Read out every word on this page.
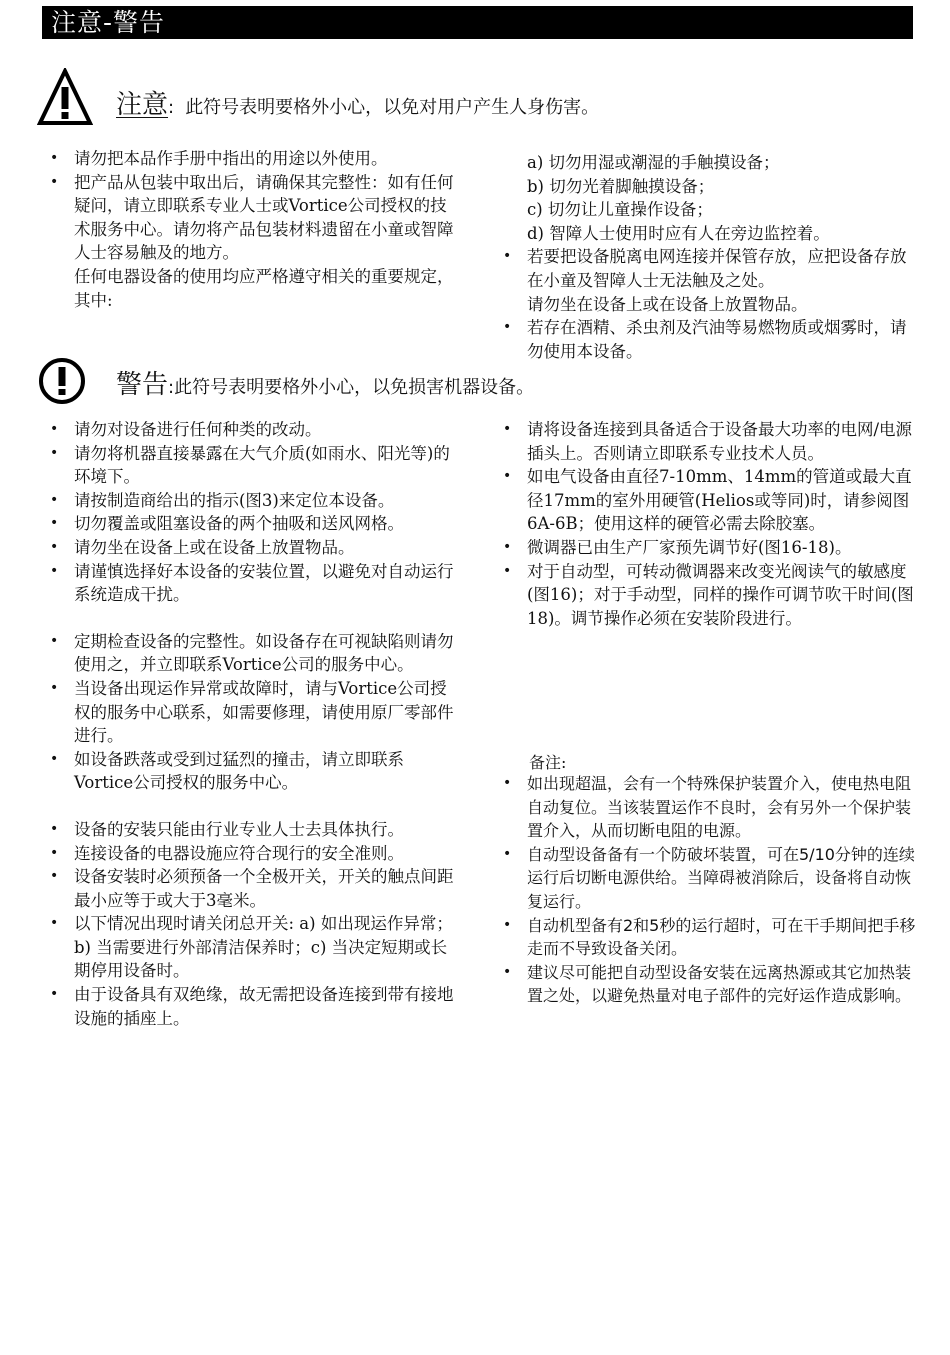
注意-警告
注意: 此符号表明要格外小心，以免对用户产生人身伤害。
• 请勿把本品作手册中指出的用途以外使用。
• 把产品从包装中取出后，请确保其完整性：如有任何疑问，请立即联系专业人士或Vortice公司授权的技术服务中心。请勿将产品包装材料遗留在小童或智障人士容易触及的地方。
任何电器设备的使用均应严格遵守相关的重要规定，其中:
a) 切勿用湿或潮湿的手触摸设备；
b) 切勿光着脚触摸设备；
c) 切勿让儿童操作设备；
d) 智障人士使用时应有人在旁边监控着。
• 若要把设备脱离电网连接并保管存放，应把设备存放在小童及智障人士无法触及之处。
请勿坐在设备上或在设备上放置物品。
• 若存在酒精、杀虫剂及汽油等易燃物质或烟雾时，请勿使用本设备。
警告:此符号表明要格外小心，以免损害机器设备。
• 请勿对设备进行任何种类的改动。
• 请勿将机器直接暴露在大气介质(如雨水、阳光等)的环境下。
• 请按制造商给出的指示(图3)来定位本设备。
• 切勿覆盖或阻塞设备的两个抽吸和送风网格。
• 请勿坐在设备上或在设备上放置物品。
• 请谨慎选择好本设备的安装位置，以避免对自动运行系统造成干扰。
• 定期检查设备的完整性。如设备存在可视缺陷则请勿使用之，并立即联系Vortice公司的服务中心。
• 当设备出现运作异常或故障时，请与Vortice公司授权的服务中心联系，如需要修理，请使用原厂零部件进行。
• 如设备跌落或受到过猛烈的撞击，请立即联系Vortice公司授权的服务中心。
• 设备的安装只能由行业专业人士去具体执行。
• 连接设备的电器设施应符合现行的安全准则。
• 设备安装时必须预备一个全极开关，开关的触点间距最小应等于或大于3毫米。
• 以下情况出现时请关闭总开关: a) 如出现运作异常；b) 当需要进行外部清洁保养时；c) 当决定短期或长期停用设备时。
• 由于设备具有双绝缘，故无需把设备连接到带有接地设施的插座上。
• 请将设备连接到具备适合于设备最大功率的电网/电源插头上。否则请立即联系专业技术人员。
• 如电气设备由直径7-10mm、14mm的管道或最大直径17mm的室外用硬管(Helios或等同)时，请参阅图6A-6B；使用这样的硬管必需去除胶塞。
• 微调器已由生产厂家预先调节好(图16-18)。
• 对于自动型，可转动微调器来改变光阀读气的敏感度(图16)；对于手动型，同样的操作可调节吹干时间(图18)。调节操作必须在安装阶段进行。
备注:
• 如出现超温，会有一个特殊保护装置介入，使电热电阻自动复位。当该装置运作不良时，会有另外一个保护装置介入，从而切断电阻的电源。
• 自动型设备备有一个防破坏装置，可在5/10分钟的连续运行后切断电源供给。当障碍被消除后，设备将自动恢复运行。
• 自动机型备有2和5秒的运行超时，可在干手期间把手移走而不导致设备关闭。
• 建议尽可能把自动型设备安装在远离热源或其它加热装置之处，以避免热量对电子部件的完好运作造成影响。
